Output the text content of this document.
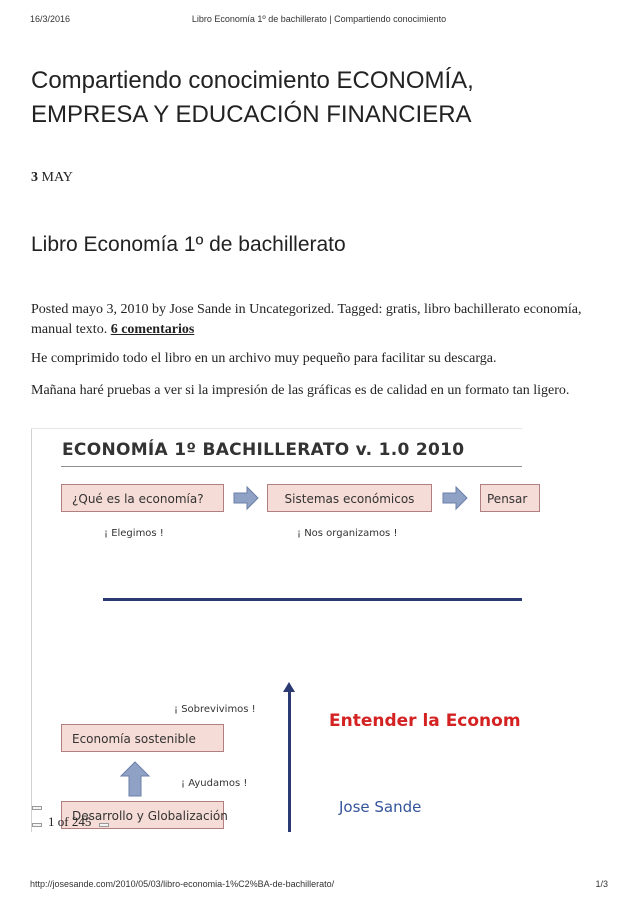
16/3/2016	Libro Economía 1º de bachillerato | Compartiendo conocimiento
Compartiendo conocimiento ECONOMÍA,
EMPRESA Y EDUCACIÓN FINANCIERA
3 MAY
Libro Economía 1º de bachillerato
Posted mayo 3, 2010 by Jose Sande in Uncategorized. Tagged: gratis, libro bachillerato economía, manual texto. 6 comentarios

He comprimido todo el libro en un archivo muy pequeño para facilitar su descarga.

Mañana haré pruebas a ver si la impresión de las gráficas es de calidad en un formato tan ligero.

ECONOMÍA 1º BACHILLERATO v. 1.0 2010
¿Qué es la economía?	Sistemas económicos	Pensar
¡ Elegimos !	¡ Nos organizamos !
¡ Sobrevivimos !
Economía sostenible
Entender la Econom
¡ Ayudamos !
Desarrollo y Globalización	Jose Sande
1 of 245
http://josesande.com/2010/05/03/libro-economia-1%C2%BA-de-bachillerato/	1/3
